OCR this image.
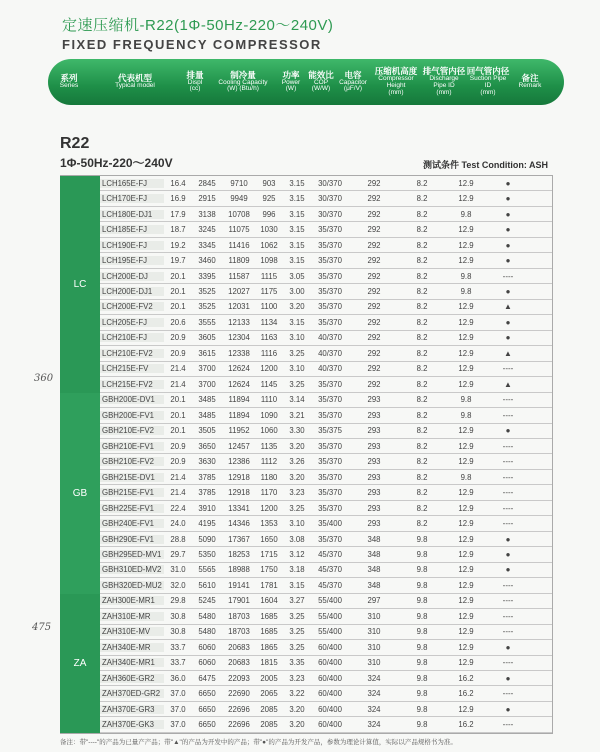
定速压缩机-R22(1Φ-50Hz-220～240V)
FIXED FREQUENCY COMPRESSOR
系列
Series
代表机型
Typical model
排量
Displ
(cc)
制冷量
Cooling Capacity
(W) (Btu/h)
功率
Power
(W)
能效比
COP
(W/W)
电容
Capacitor
(μF/V)
压缩机高度
Compressor Height
(mm)
排气管内径
Discharge Pipe ID
(mm)
回气管内径
Suction Pipe ID
(mm)
备注
Remark
R22
1Φ-50Hz-220～240V	测试条件 Test Condition: ASH
LC
GB
ZA
LCH165E-FJ	16.4	2845	9710	903	3.15	30/370	292	8.2	12.9	●
LCH170E-FJ	16.9	2915	9949	925	3.15	30/370	292	8.2	12.9	●
LCH180E-DJ1	17.9	3138	10708	996	3.15	30/370	292	8.2	9.8	●
LCH185E-FJ	18.7	3245	11075	1030	3.15	35/370	292	8.2	12.9	●
LCH190E-FJ	19.2	3345	11416	1062	3.15	35/370	292	8.2	12.9	●
LCH195E-FJ	19.7	3460	11809	1098	3.15	35/370	292	8.2	12.9	●
LCH200E-DJ	20.1	3395	11587	1115	3.05	35/370	292	8.2	9.8	----
LCH200E-DJ1	20.1	3525	12027	1175	3.00	35/370	292	8.2	9.8	●
LCH200E-FV2	20.1	3525	12031	1100	3.20	35/370	292	8.2	12.9	▲
LCH205E-FJ	20.6	3555	12133	1134	3.15	35/370	292	8.2	12.9	●
LCH210E-FJ	20.9	3605	12304	1163	3.10	40/370	292	8.2	12.9	●
LCH210E-FV2	20.9	3615	12338	1116	3.25	40/370	292	8.2	12.9	▲
LCH215E-FV	21.4	3700	12624	1200	3.10	40/370	292	8.2	12.9	----
LCH215E-FV2	21.4	3700	12624	1145	3.25	35/370	292	8.2	12.9	▲
GBH200E-DV1	20.1	3485	11894	1110	3.14	35/370	293	8.2	9.8	----
GBH200E-FV1	20.1	3485	11894	1090	3.21	35/370	293	8.2	9.8	----
GBH210E-FV2	20.1	3505	11952	1060	3.30	35/375	293	8.2	12.9	●
GBH210E-FV1	20.9	3650	12457	1135	3.20	35/370	293	8.2	12.9	----
GBH210E-FV2	20.9	3630	12386	1112	3.26	35/370	293	8.2	12.9	----
GBH215E-DV1	21.4	3785	12918	1180	3.20	35/370	293	8.2	9.8	----
GBH215E-FV1	21.4	3785	12918	1170	3.23	35/370	293	8.2	12.9	----
GBH225E-FV1	22.4	3910	13341	1200	3.25	35/370	293	8.2	12.9	----
GBH240E-FV1	24.0	4195	14346	1353	3.10	35/400	293	8.2	12.9	----
GBH290E-FV1	28.8	5090	17367	1650	3.08	35/370	348	9.8	12.9	●
GBH295ED-MV1	29.7	5350	18253	1715	3.12	45/370	348	9.8	12.9	●
GBH310ED-MV2	31.0	5565	18988	1750	3.18	45/370	348	9.8	12.9	●
GBH320ED-MU2	32.0	5610	19141	1781	3.15	45/370	348	9.8	12.9	----
ZAH300E-MR1	29.8	5245	17901	1604	3.27	55/400	297	9.8	12.9	----
ZAH310E-MR	30.8	5480	18703	1685	3.25	55/400	310	9.8	12.9	----
ZAH310E-MV	30.8	5480	18703	1685	3.25	55/400	310	9.8	12.9	----
ZAH340E-MR	33.7	6060	20683	1865	3.25	60/400	310	9.8	12.9	●
ZAH340E-MR1	33.7	6060	20683	1815	3.35	60/400	310	9.8	12.9	----
ZAH360E-GR2	36.0	6475	22093	2005	3.23	60/400	324	9.8	16.2	●
ZAH370ED-GR2	37.0	6650	22690	2065	3.22	60/400	324	9.8	16.2	----
ZAH370E-GR3	37.0	6650	22696	2085	3.20	60/400	324	9.8	12.9	●
ZAH370E-GK3	37.0	6650	22696	2085	3.20	60/400	324	9.8	16.2	----
360
475
备注：带"----"的产品为已量产产品；带"▲"的产品为开发中的产品；带"●"的产品为开发产品，参数为理论计算值，实际以产品规格书为准。
